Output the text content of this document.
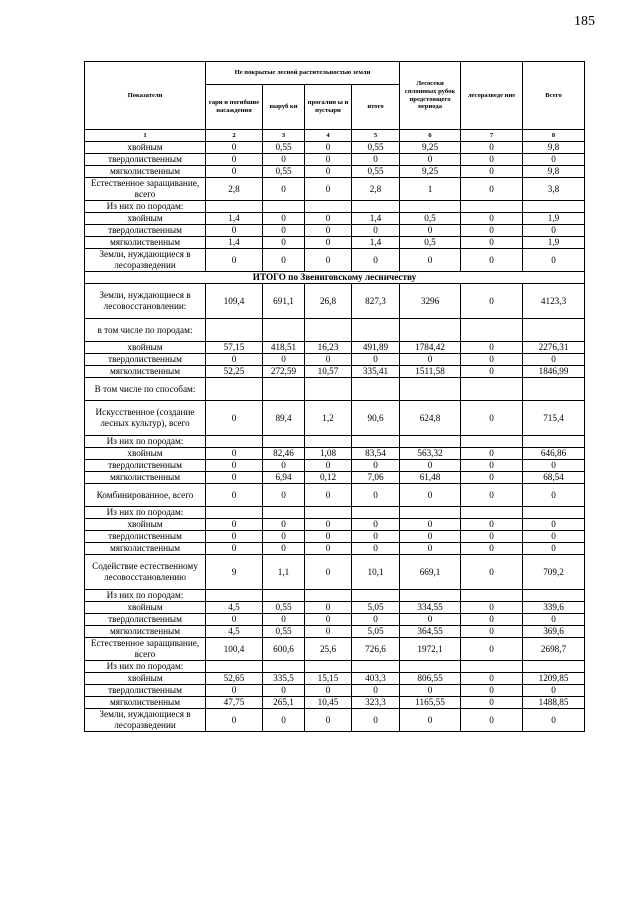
185
Показатели	Не покрытые лесной растительностью земли				Лесосеки сплошных рубок предстоящего периода	лесоразведе ние	Всего
	гари и погибшие насаждения	выруб ки	прогалин ы и пустыри	итого			
1	2	3	4	5	6	7	8
хвойным	0	0,55	0	0,55	9,25	0	9,8
твердолиственным	0	0	0	0	0	0	0
мягколиственным	0	0,55	0	0,55	9,25	0	9,8
Естественное заращивание, всего	2,8	0	0	2,8	1	0	3,8
Из них по породам:							
хвойным	1,4	0	0	1,4	0,5	0	1,9
твердолиственным	0	0	0	0	0	0	0
мягколиственным	1,4	0	0	1,4	0,5	0	1,9
Земли, нуждающиеся в лесоразведении	0	0	0	0	0	0	0
ИТОГО по Звениговскому лесничеству							
Земли, нуждающиеся в лесовосстановлении:	109,4	691,1	26,8	827,3	3296	0	4123,3
в том числе по породам:							
хвойным	57,15	418,51	16,23	491,89	1784,42	0	2276,31
твердолиственным	0	0	0	0	0	0	0
мягколиственным	52,25	272,59	10,57	335,41	1511,58	0	1846,99
В том числе по способам:							
Искусственное (создание лесных культур), всего	0	89,4	1,2	90,6	624,8	0	715,4
Из них по породам:							
хвойным	0	82,46	1,08	83,54	563,32	0	646,86
твердолиственным	0	0	0	0	0	0	0
мягколиственным	0	6,94	0,12	7,06	61,48	0	68,54
Комбинированное, всего	0	0	0	0	0	0	0
Из них по породам:							
хвойным	0	0	0	0	0	0	0
твердолиственным	0	0	0	0	0	0	0
мягколиственным	0	0	0	0	0	0	0
Содействие естественному лесовосстановлению	9	1,1	0	10,1	669,1	0	709,2
Из них по породам:							
хвойным	4,5	0,55	0	5,05	334,55	0	339,6
твердолиственным	0	0	0	0	0	0	0
мягколиственным	4,5	0,55	0	5,05	364,55	0	369,6
Естественное заращивание, всего	100,4	600,6	25,6	726,6	1972,1	0	2698,7
Из них по породам:							
хвойным	52,65	335,5	15,15	403,3	806,55	0	1209,85
твердолиственным	0	0	0	0	0	0	0
мягколиственным	47,75	265,1	10,45	323,3	1165,55	0	1488,85
Земли, нуждающиеся в лесоразведении	0	0	0	0	0	0	0
